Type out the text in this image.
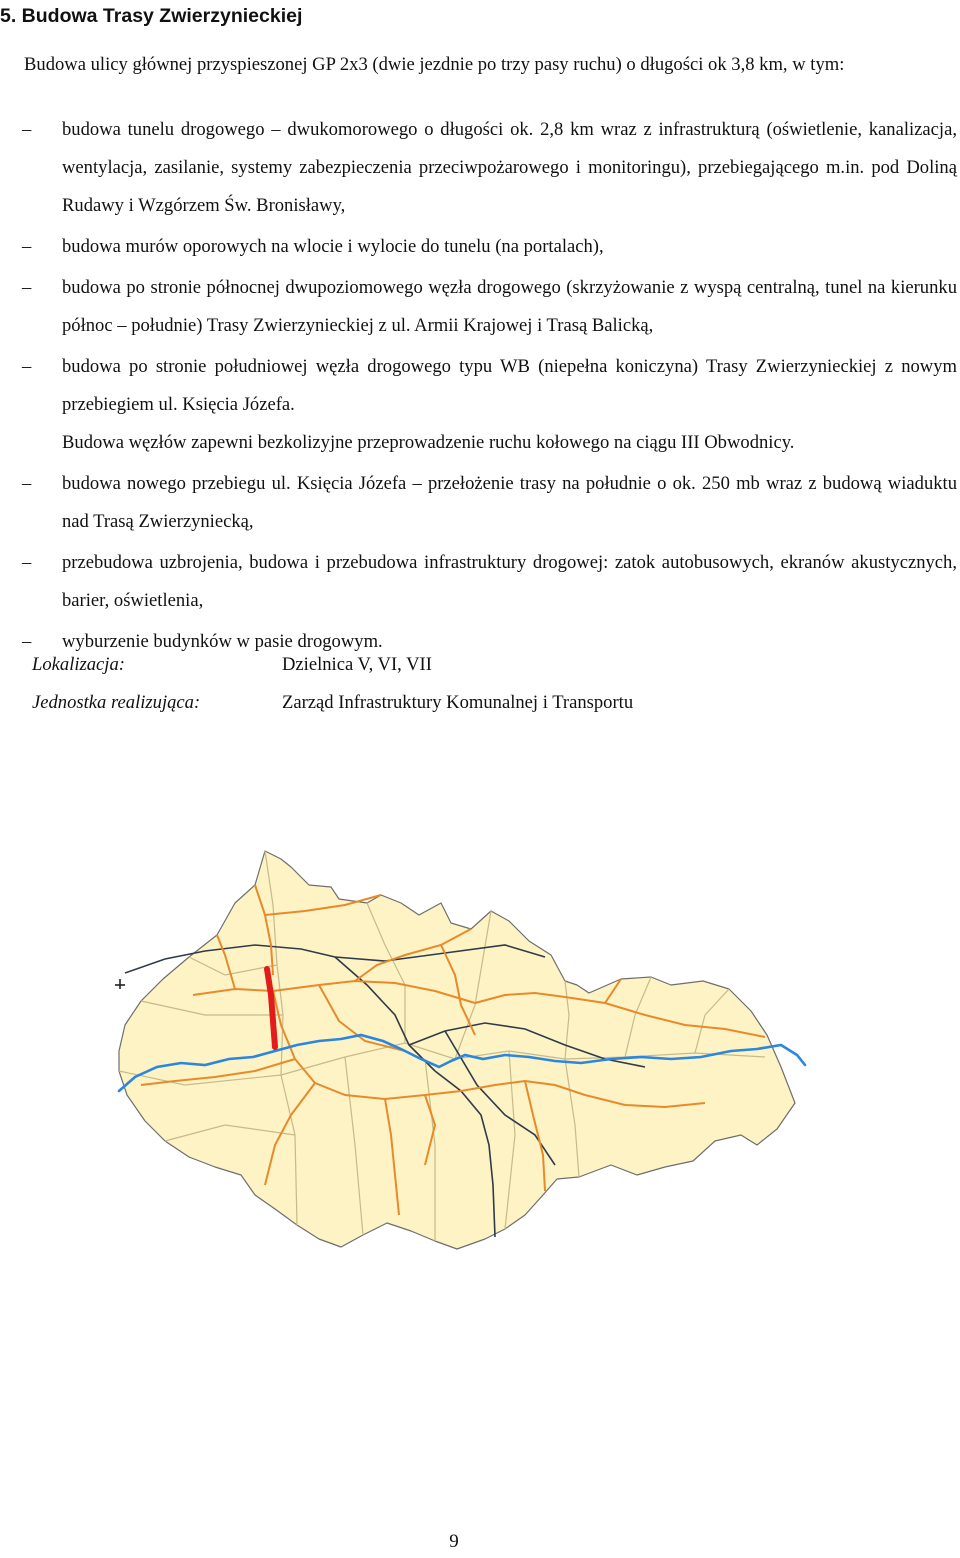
5. Budowa Trasy Zwierzynieckiej

Budowa ulicy głównej przyspieszonej GP 2x3 (dwie jezdnie po trzy pasy ruchu) o długości ok 3,8 km, w tym:

– budowa tunelu drogowego – dwukomorowego o długości ok. 2,8 km wraz z infrastrukturą (oświetlenie, kanalizacja, wentylacja, zasilanie, systemy zabezpieczenia przeciwpożarowego i monitoringu), przebiegającego m.in. pod Doliną Rudawy i Wzgórzem Św. Bronisławy,
– budowa murów oporowych na wlocie i wylocie do tunelu (na portalach),
– budowa po stronie północnej dwupoziomowego węzła drogowego (skrzyżowanie z wyspą centralną, tunel na kierunku północ – południe) Trasy Zwierzynieckiej z ul. Armii Krajowej i Trasą Balicką,
– budowa po stronie południowej węzła drogowego typu WB (niepełna koniczyna) Trasy Zwierzynieckiej z nowym przebiegiem ul. Księcia Józefa.
Budowa węzłów zapewni bezkolizyjne przeprowadzenie ruchu kołowego na ciągu III Obwodnicy.
– budowa nowego przebiegu ul. Księcia Józefa – przełożenie trasy na południe o ok. 250 mb wraz z budową wiaduktu nad Trasą Zwierzyniecką,
– przebudowa uzbrojenia, budowa i przebudowa infrastruktury drogowej: zatok autobusowych, ekranów akustycznych, barier, oświetlenia,
– wyburzenie budynków w pasie drogowym.
Lokalizacja:	Dzielnica V, VI, VII
Jednostka realizująca:	Zarząd Infrastruktury Komunalnej i Transportu
9
